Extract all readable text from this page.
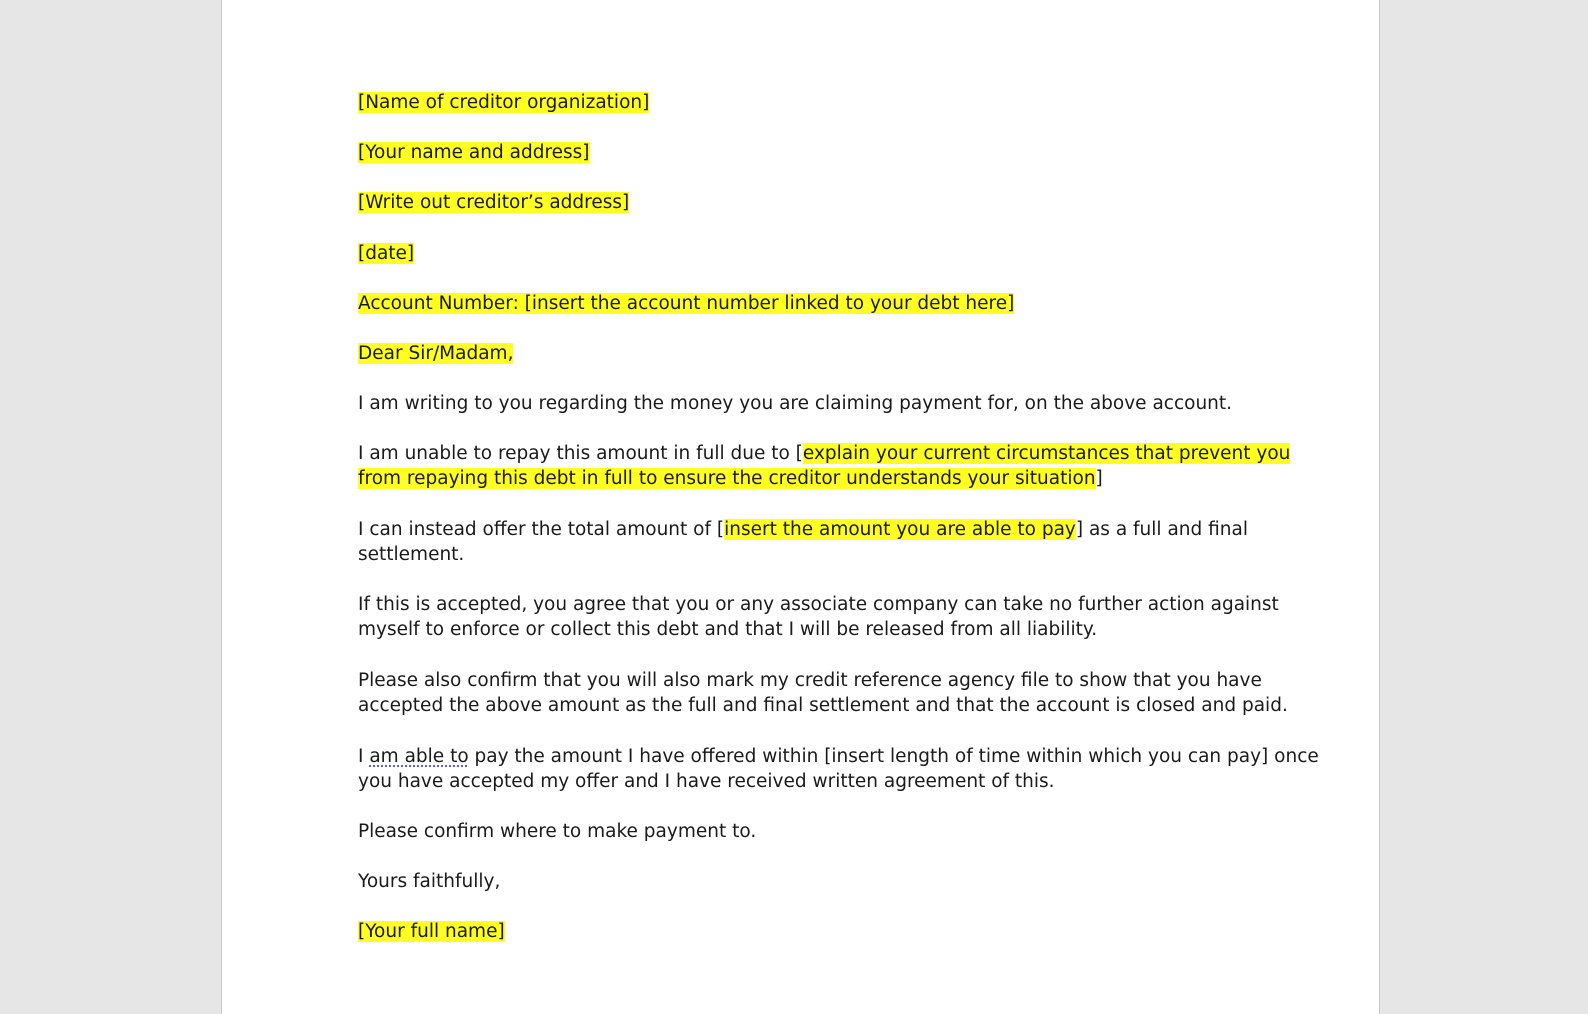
[Name of creditor organization]
[Your name and address]
[Write out creditor’s address]
[date]
Account Number: [insert the account number linked to your debt here]
Dear Sir/Madam,
I am writing to you regarding the money you are claiming payment for, on the above account.
I am unable to repay this amount in full due to [explain your current circumstances that prevent you
from repaying this debt in full to ensure the creditor understands your situation]
I can instead offer the total amount of [insert the amount you are able to pay] as a full and final
settlement.
If this is accepted, you agree that you or any associate company can take no further action against
myself to enforce or collect this debt and that I will be released from all liability.
Please also confirm that you will also mark my credit reference agency file to show that you have
accepted the above amount as the full and final settlement and that the account is closed and paid.
I am able to pay the amount I have offered within [insert length of time within which you can pay] once
you have accepted my offer and I have received written agreement of this.
Please confirm where to make payment to.
Yours faithfully,
[Your full name]
